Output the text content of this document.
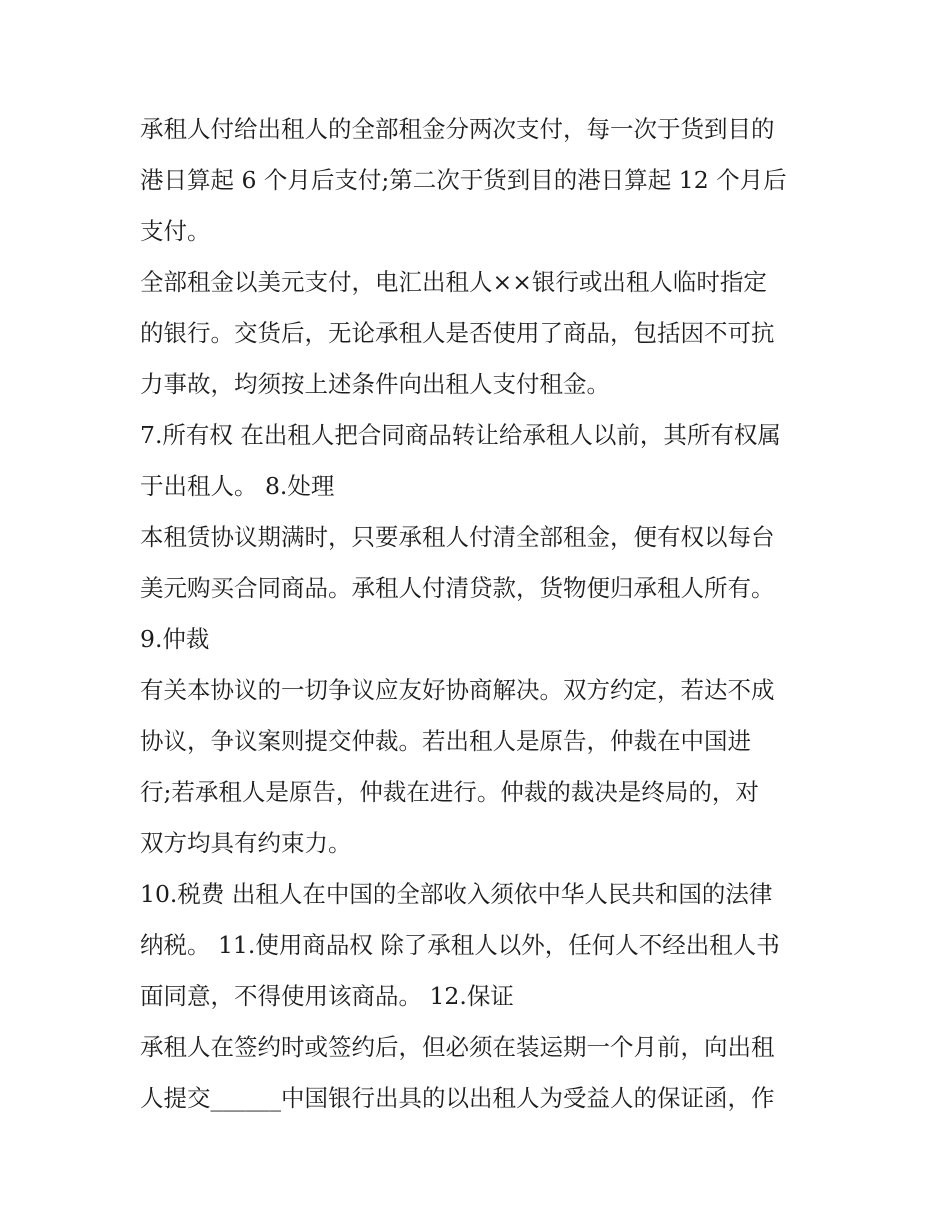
承租人付给出租人的全部租金分两次支付，每一次于货到目的
港日算起 6 个月后支付;第二次于货到目的港日算起 12 个月后
支付。
全部租金以美元支付，电汇出租人××银行或出租人临时指定
的银行。交货后，无论承租人是否使用了商品，包括因不可抗
力事故，均须按上述条件向出租人支付租金。
7.所有权 在出租人把合同商品转让给承租人以前，其所有权属
于出租人。 8.处理
本租赁协议期满时，只要承租人付清全部租金，便有权以每台
美元购买合同商品。承租人付清贷款，货物便归承租人所有。
9.仲裁
有关本协议的一切争议应友好协商解决。双方约定，若达不成
协议，争议案则提交仲裁。若出租人是原告，仲裁在中国进
行;若承租人是原告，仲裁在进行。仲裁的裁决是终局的，对
双方均具有约束力。
10.税费 出租人在中国的全部收入须依中华人民共和国的法律
纳税。 11.使用商品权 除了承租人以外，任何人不经出租人书
面同意，不得使用该商品。 12.保证
承租人在签约时或签约后，但必须在装运期一个月前，向出租
人提交______中国银行出具的以出租人为受益人的保证函，作
